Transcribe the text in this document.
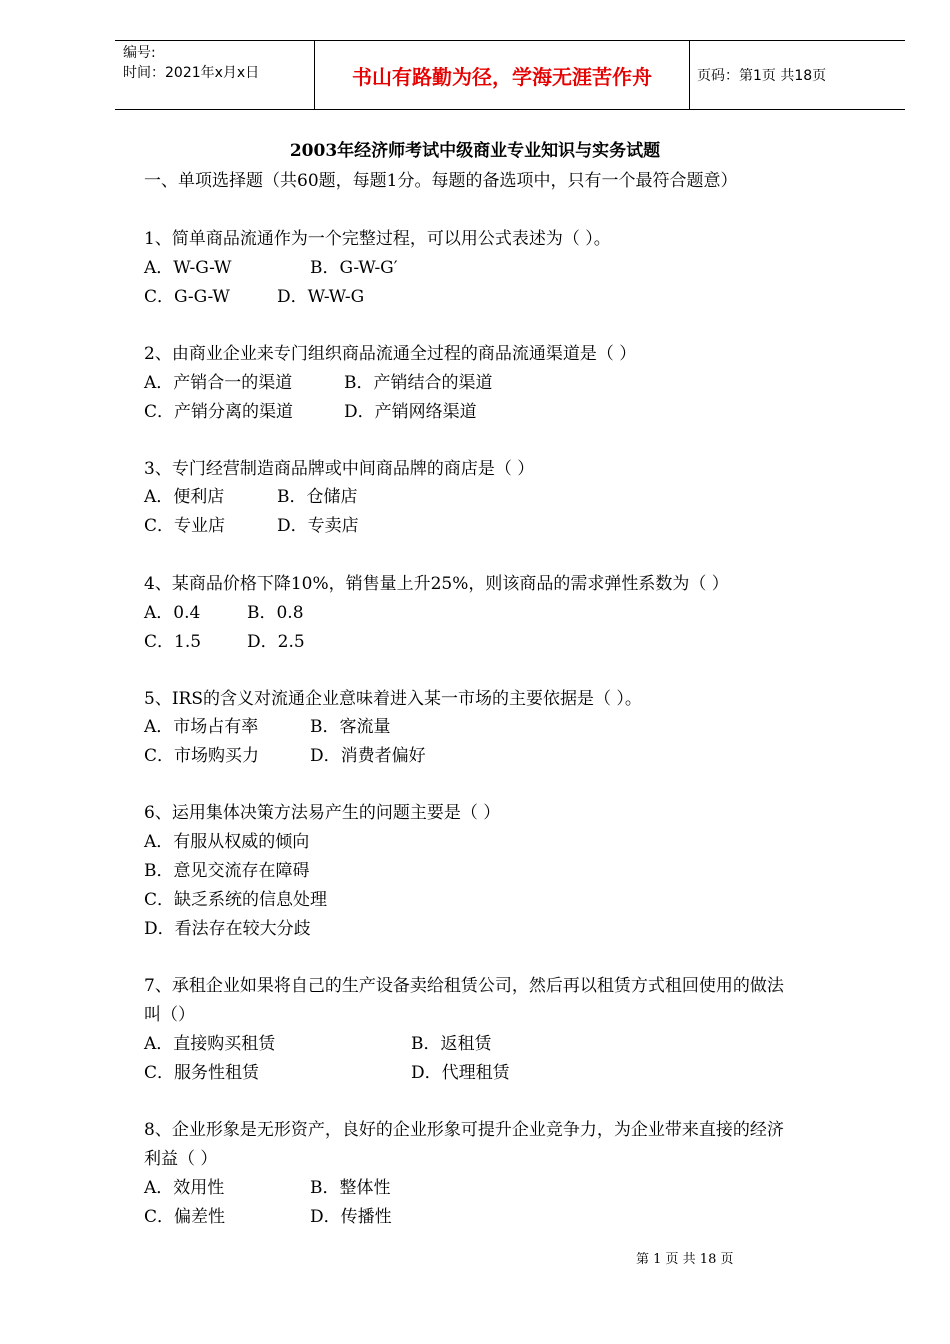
编号:
时间：2021年x月x日	书山有路勤为径，学海无涯苦作舟	页码：第1页 共18页
2003年经济师考试中级商业专业知识与实务试题
一、单项选择题（共60题，每题1分。每题的备选项中，只有一个最符合题意）
1、简单商品流通作为一个完整过程，可以用公式表述为（ ）。
A．W-G-W	B．G-W-G′
C．G-G-W	D．W-W-G
2、由商业企业来专门组织商品流通全过程的商品流通渠道是（ ）
A．产销合一的渠道	B．产销结合的渠道
C．产销分离的渠道	D．产销网络渠道
3、专门经营制造商品牌或中间商品牌的商店是（ ）
A．便利店	B．仓储店
C．专业店	D．专卖店
4、某商品价格下降10%，销售量上升25%，则该商品的需求弹性系数为（ ）
A．0.4	B．0.8
C．1.5	D．2.5
5、IRS的含义对流通企业意味着进入某一市场的主要依据是（ ）。
A．市场占有率	B．客流量
C．市场购买力	D．消费者偏好
6、运用集体决策方法易产生的问题主要是（ ）
A．有服从权威的倾向
B．意见交流存在障碍
C．缺乏系统的信息处理
D．看法存在较大分歧
7、承租企业如果将自己的生产设备卖给租赁公司，然后再以租赁方式租回使用的做法
叫（）
A．直接购买租赁	B．返租赁
C．服务性租赁	D．代理租赁
8、企业形象是无形资产，良好的企业形象可提升企业竞争力，为企业带来直接的经济
利益（ ）
A．效用性	B．整体性
C．偏差性	D．传播性
第 1 页 共 18 页
